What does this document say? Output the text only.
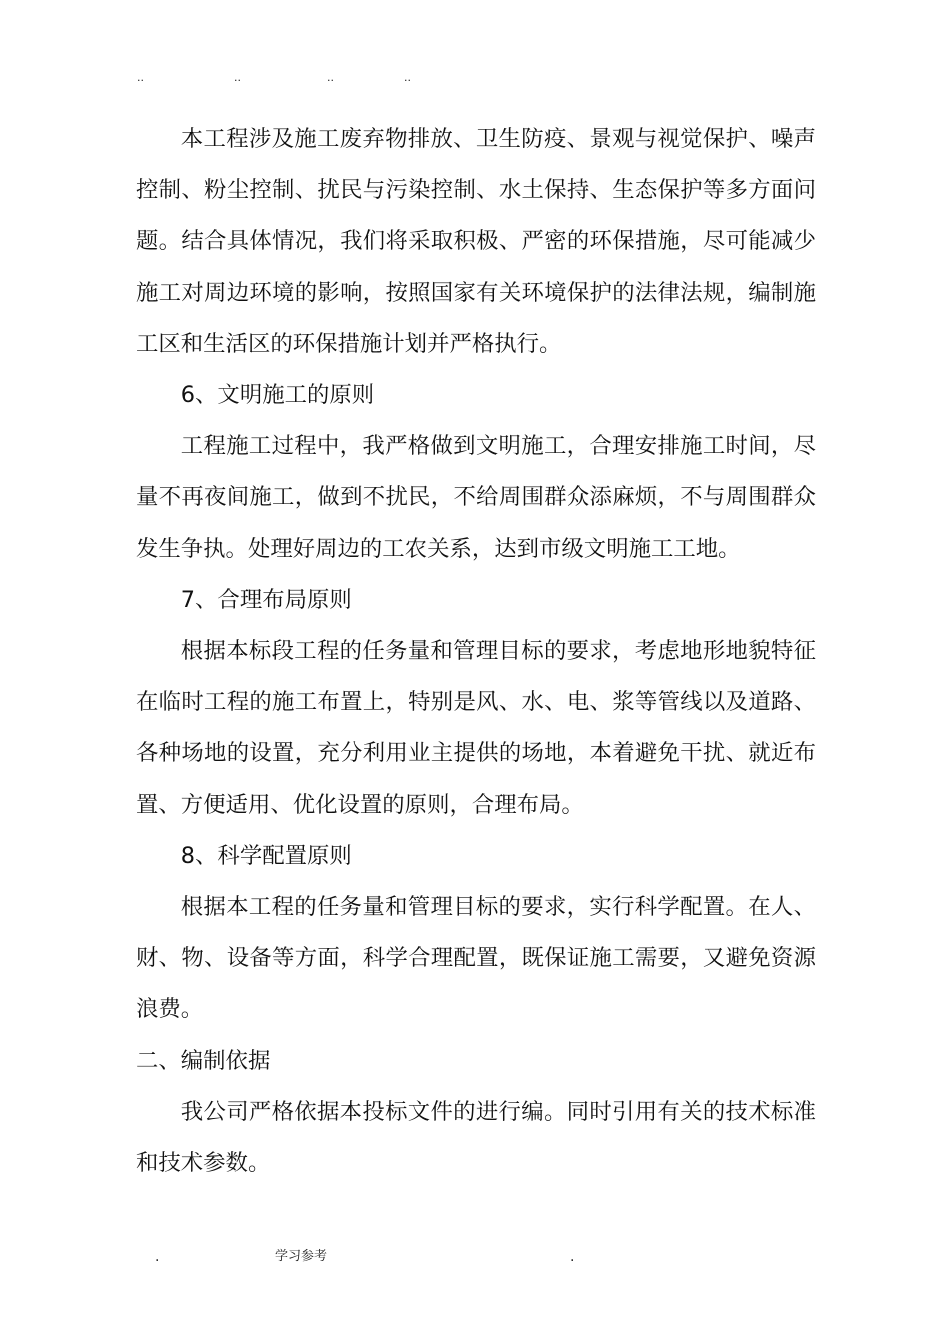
..	..	..	..

本工程涉及施工废弃物排放、卫生防疫、景观与视觉保护、噪声控制、粉尘控制、扰民与污染控制、水土保持、生态保护等多方面问题。结合具体情况，我们将采取积极、严密的环保措施，尽可能减少施工对周边环境的影响，按照国家有关环境保护的法律法规，编制施工区和生活区的环保措施计划并严格执行。

6、文明施工的原则

工程施工过程中，我严格做到文明施工，合理安排施工时间，尽量不再夜间施工，做到不扰民，不给周围群众添麻烦，不与周围群众发生争执。处理好周边的工农关系，达到市级文明施工工地。

7、合理布局原则

根据本标段工程的任务量和管理目标的要求，考虑地形地貌特征在临时工程的施工布置上，特别是风、水、电、浆等管线以及道路、各种场地的设置，充分利用业主提供的场地，本着避免干扰、就近布置、方便适用、优化设置的原则，合理布局。

8、科学配置原则

根据本工程的任务量和管理目标的要求，实行科学配置。在人、财、物、设备等方面，科学合理配置，既保证施工需要，又避免资源浪费。

二、编制依据

我公司严格依据本投标文件的进行编。同时引用有关的技术标准和技术参数。

.	学习参考	.
